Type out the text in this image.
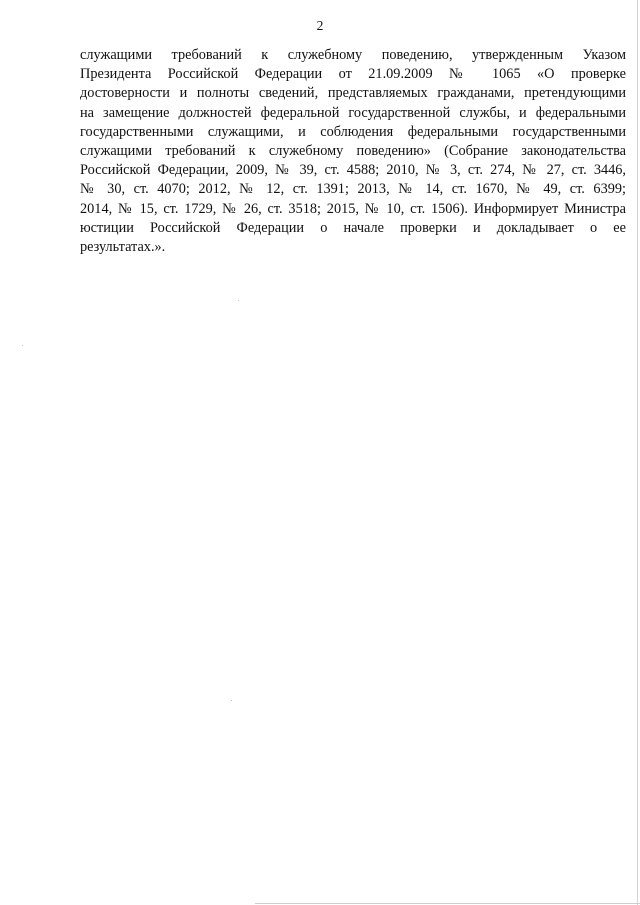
2
служащими требований к служебному поведению, утвержденным Указом
Президента Российской Федерации от 21.09.2009 № 1065 «О проверке
достоверности и полноты сведений, представляемых гражданами, претендующими
на замещение должностей федеральной государственной службы, и федеральными
государственными служащими, и соблюдения федеральными государственными
служащими требований к служебному поведению» (Собрание законодательства
Российской Федерации, 2009, № 39, ст. 4588; 2010, № 3, ст. 274, № 27, ст. 3446,
№ 30, ст. 4070; 2012, № 12, ст. 1391; 2013, № 14, ст. 1670, № 49, ст. 6399;
2014, № 15, ст. 1729, № 26, ст. 3518; 2015, № 10, ст. 1506). Информирует Министра
юстиции Российской Федерации о начале проверки и докладывает о ее
результатах.».
